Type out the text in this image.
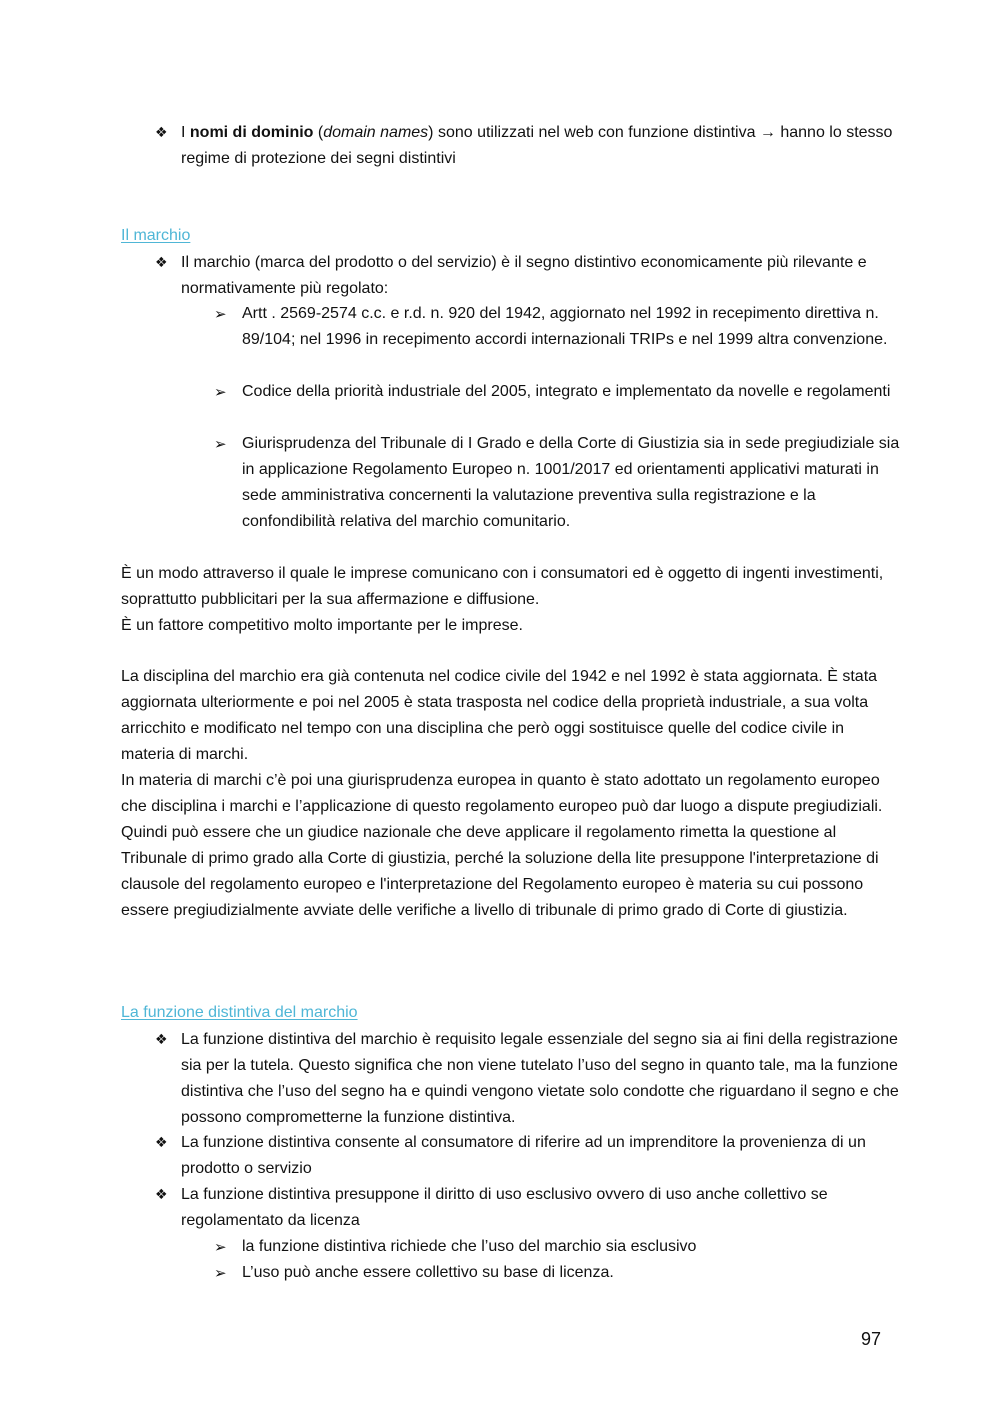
❖ I nomi di dominio (domain names) sono utilizzati nel web con funzione distintiva → hanno lo stesso regime di protezione dei segni distintivi
Il marchio
❖ Il marchio (marca del prodotto o del servizio) è il segno distintivo economicamente più rilevante e normativamente più regolato:
➢ Artt . 2569-2574 c.c. e r.d. n. 920 del 1942, aggiornato nel 1992 in recepimento direttiva n. 89/104; nel 1996 in recepimento accordi internazionali TRIPs e nel 1999 altra convenzione.
➢ Codice della priorità industriale del 2005, integrato e implementato da novelle e regolamenti
➢ Giurisprudenza del Tribunale di I Grado e della Corte di Giustizia sia in sede pregiudiziale sia in applicazione Regolamento Europeo n. 1001/2017 ed orientamenti applicativi maturati in sede amministrativa concernenti la valutazione preventiva sulla registrazione e la confondibilità relativa del marchio comunitario.
È un modo attraverso il quale le imprese comunicano con i consumatori ed è oggetto di ingenti investimenti, soprattutto pubblicitari per la sua affermazione e diffusione.
È un fattore competitivo molto importante per le imprese.
La disciplina del marchio era già contenuta nel codice civile del 1942 e nel 1992 è stata aggiornata. È stata aggiornata ulteriormente e poi nel 2005 è stata trasposta nel codice della proprietà industriale, a sua volta arricchito e modificato nel tempo con una disciplina che però oggi sostituisce quelle del codice civile in materia di marchi.
In materia di marchi c’è poi una giurisprudenza europea in quanto è stato adottato un regolamento europeo che disciplina i marchi e l’applicazione di questo regolamento europeo può dar luogo a dispute pregiudiziali.
Quindi può essere che un giudice nazionale che deve applicare il regolamento rimetta la questione al Tribunale di primo grado alla Corte di giustizia, perché la soluzione della lite presuppone l'interpretazione di clausole del regolamento europeo e l'interpretazione del Regolamento europeo è materia su cui possono essere pregiudizialmente avviate delle verifiche a livello di tribunale di primo grado di Corte di giustizia.
La funzione distintiva del marchio
❖ La funzione distintiva del marchio è requisito legale essenziale del segno sia ai fini della registrazione sia per la tutela. Questo significa che non viene tutelato l’uso del segno in quanto tale, ma la funzione distintiva che l’uso del segno ha e quindi vengono vietate solo condotte che riguardano il segno e che possono comprometterne la funzione distintiva.
❖ La funzione distintiva consente al consumatore di riferire ad un imprenditore la provenienza di un prodotto o servizio
❖ La funzione distintiva presuppone il diritto di uso esclusivo ovvero di uso anche collettivo se regolamentato da licenza
➢ la funzione distintiva richiede che l’uso del marchio sia esclusivo
➢ L’uso può anche essere collettivo su base di licenza.
97
